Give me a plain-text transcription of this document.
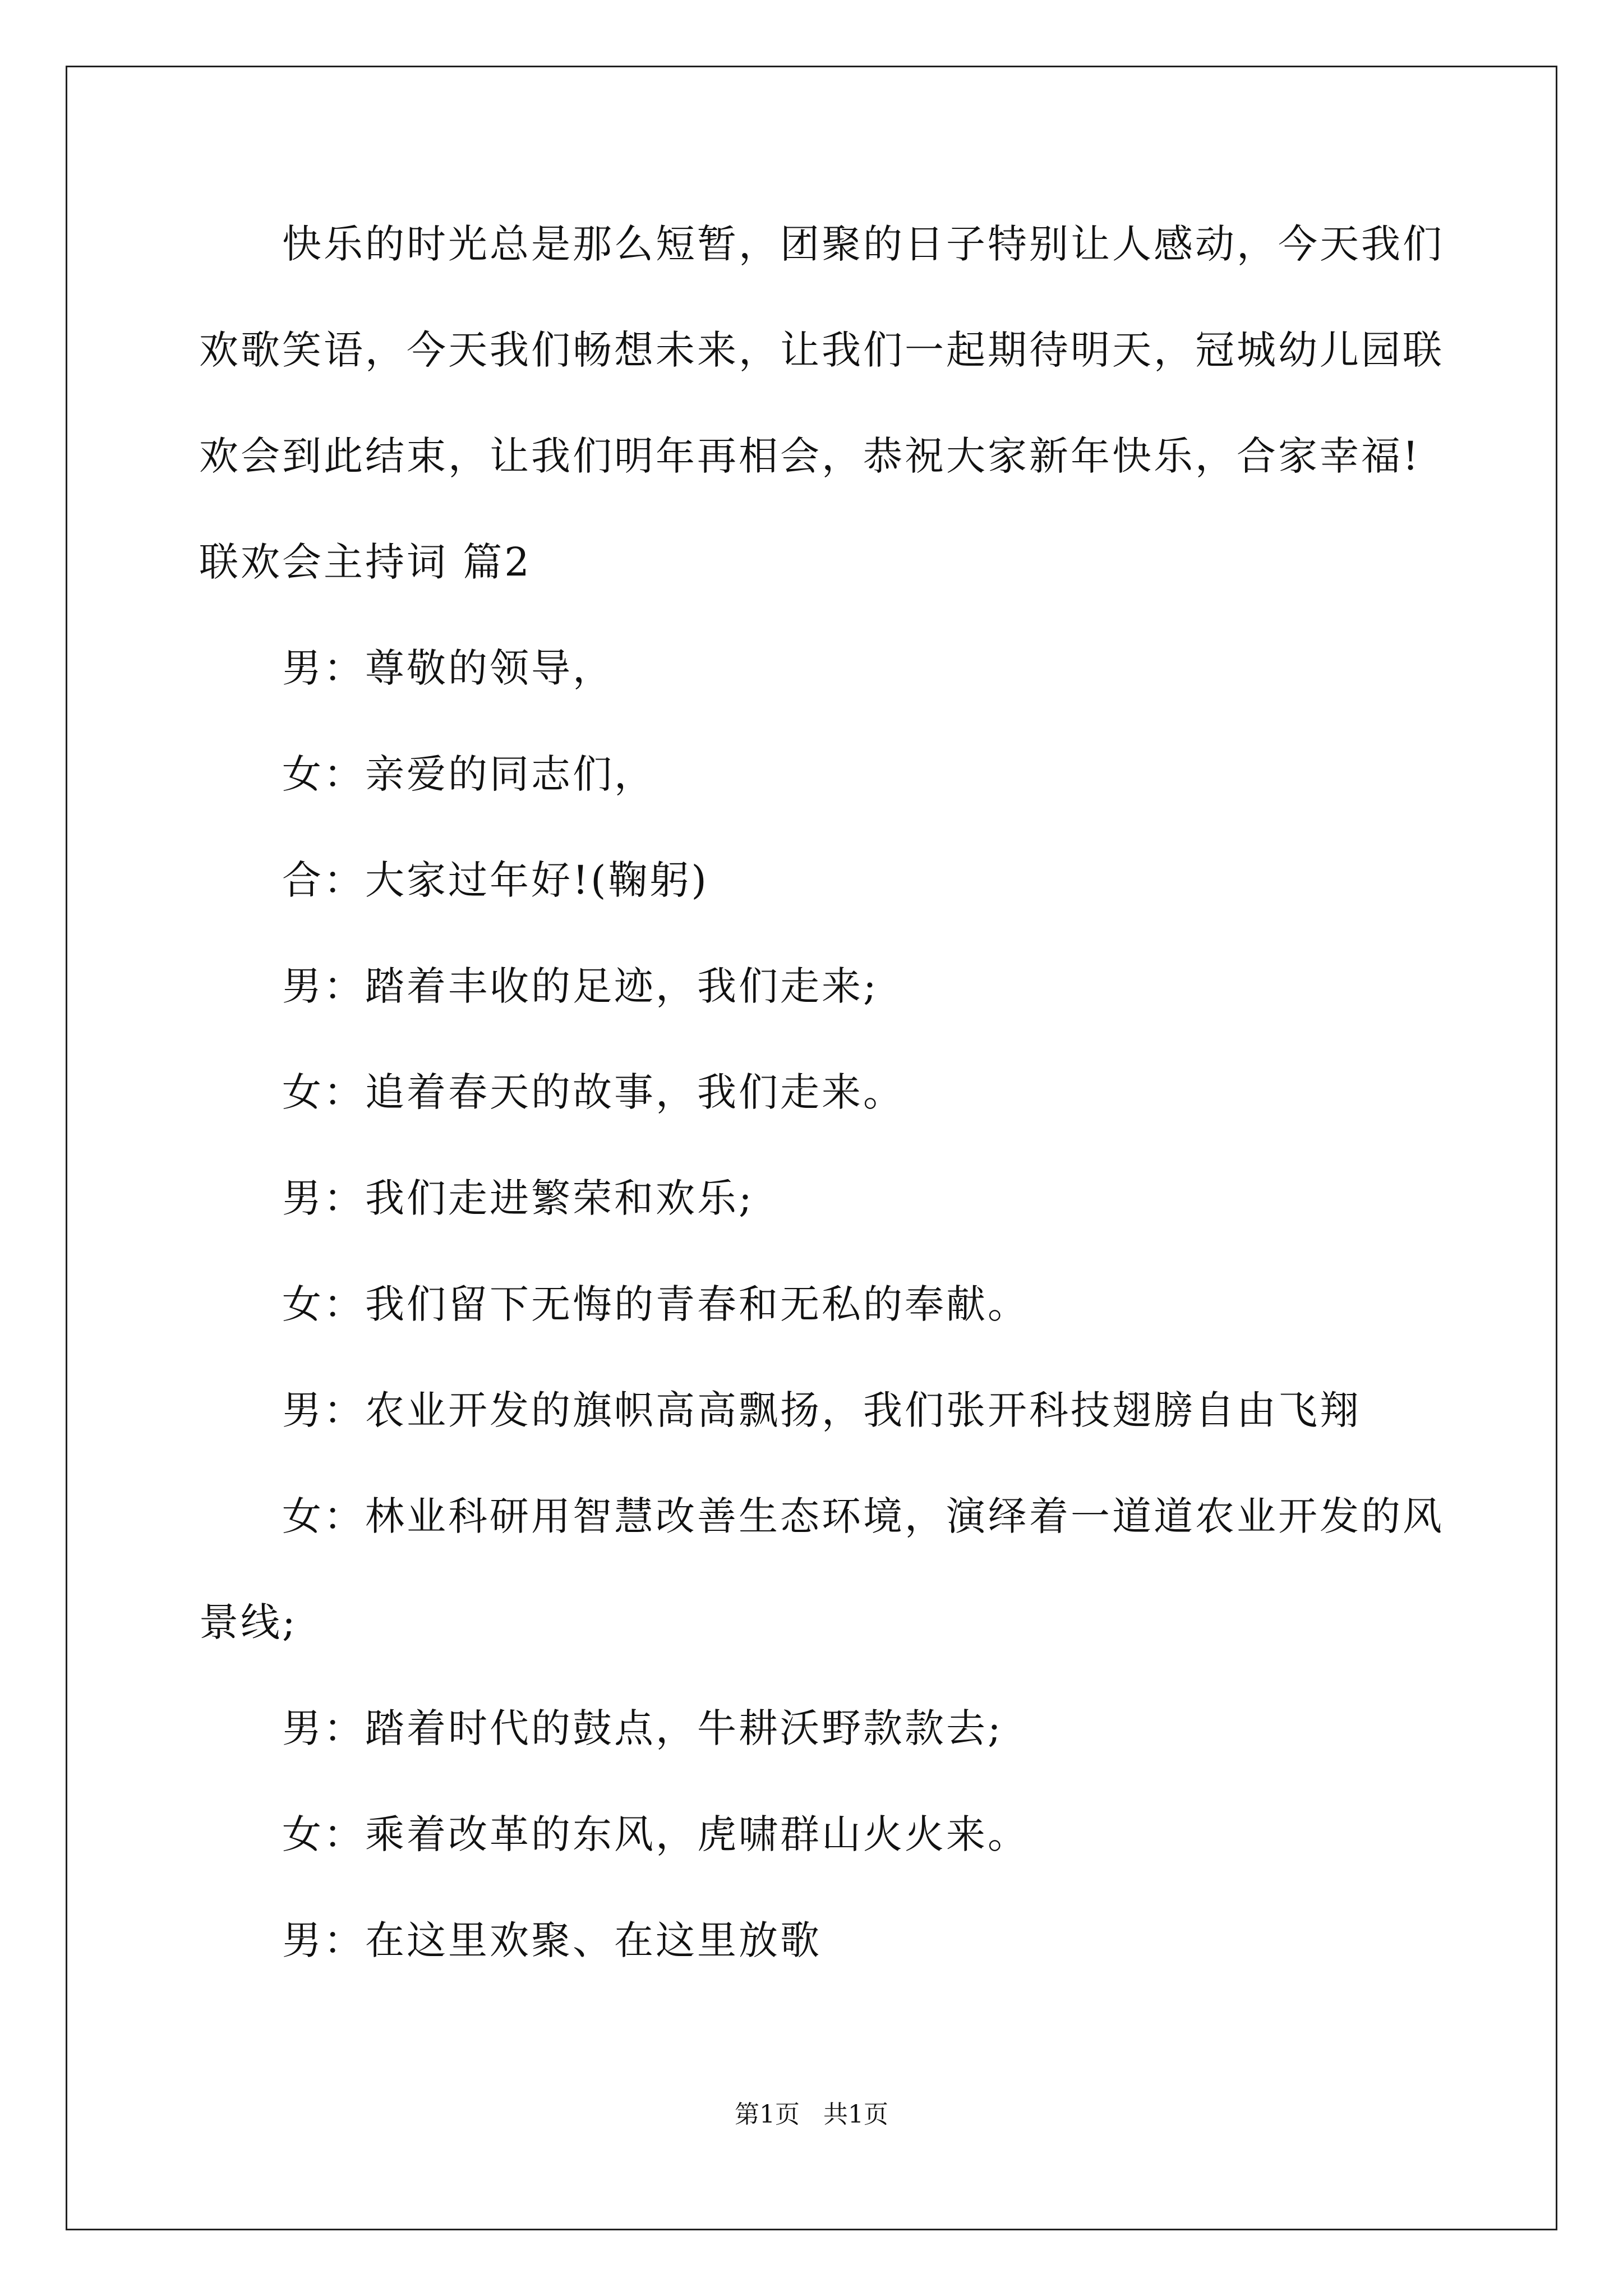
快乐的时光总是那么短暂，团聚的日子特别让人感动，今天我们
欢歌笑语，今天我们畅想未来，让我们一起期待明天，冠城幼儿园联
欢会到此结束，让我们明年再相会，恭祝大家新年快乐，合家幸福!
联欢会主持词 篇2
男：尊敬的领导，
女：亲爱的同志们，
合：大家过年好!(鞠躬)
男：踏着丰收的足迹，我们走来;
女：追着春天的故事，我们走来。
男：我们走进繁荣和欢乐;
女：我们留下无悔的青春和无私的奉献。
男：农业开发的旗帜高高飘扬，我们张开科技翅膀自由飞翔
女：林业科研用智慧改善生态环境，演绎着一道道农业开发的风
景线;
男：踏着时代的鼓点，牛耕沃野款款去;
女：乘着改革的东风，虎啸群山火火来。
男：在这里欢聚、在这里放歌
第1页 共1页
